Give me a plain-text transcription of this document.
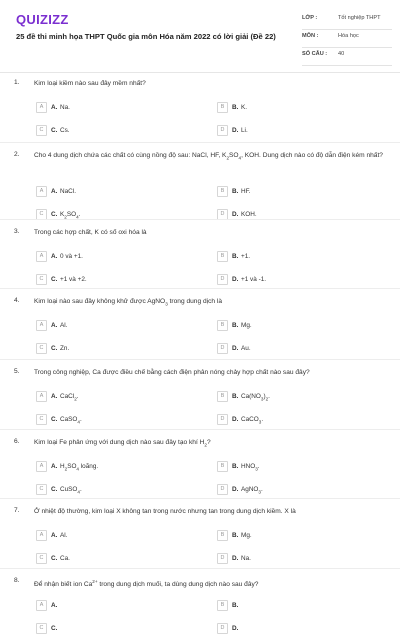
QUIZIZZ
25 đề thi minh họa THPT Quốc gia môn Hóa năm 2022 có lời giải (Đề 22)
LỚP :	Tốt nghiệp THPT
MÔN :	Hóa học
SỐ CÂU : 40
1. Kim loại kiềm nào sau đây mềm nhất?
A	A. Na.	B	B. K.
C	C. Cs.	D	D. Li.
2. Cho 4 dung dịch chứa các chất có cùng nồng độ sau: NaCl, HF, $K_2SO_4$, KOH. Dung dịch nào có độ dẫn điện kém nhất?
A	A. NaCl.	B	B. HF.
C	C. $K_2SO_4$.	D	D. KOH.
3. Trong các hợp chất, K có số oxi hóa là
A	A. 0 và +1.	B	B. +1.
C	C. +1 và +2.	D	D. +1 và -1.
4. Kim loại nào sau đây không khử được AgNO$_3$ trong dung dịch là
A	A. Al.	B	B. Mg.
C	C. Zn.	D	D. Au.
5. Trong công nghiệp, Ca được điều chế bằng cách điện phân nóng chảy hợp chất nào sau đây?
A	A. CaCl$_2$.	B	B. $Ca(NO_3)_2$.
C	C. CaSO$_4$.	D	D. CaCO$_3$.
6. Kim loại Fe phản ứng với dung dịch nào sau đây tạo khí $H_2$?
A	A. $H_2SO_4$ loãng.	B	B. $HNO_3$.
C	C. CuSO$_4$.	D	D. AgNO$_3$.
7. Ở nhiệt độ thường, kim loại X không tan trong nước nhưng tan trong dung dịch kiềm. X là
A	A. Al.	B	B. Mg.
C	C. Ca.	D	D. Na.
8.
Để nhận biết ion $Ca^{2+}$ trong dung dịch muối, ta dùng dung dịch nào sau đây?
A	A.	B	B.
C	C.	D	D.
